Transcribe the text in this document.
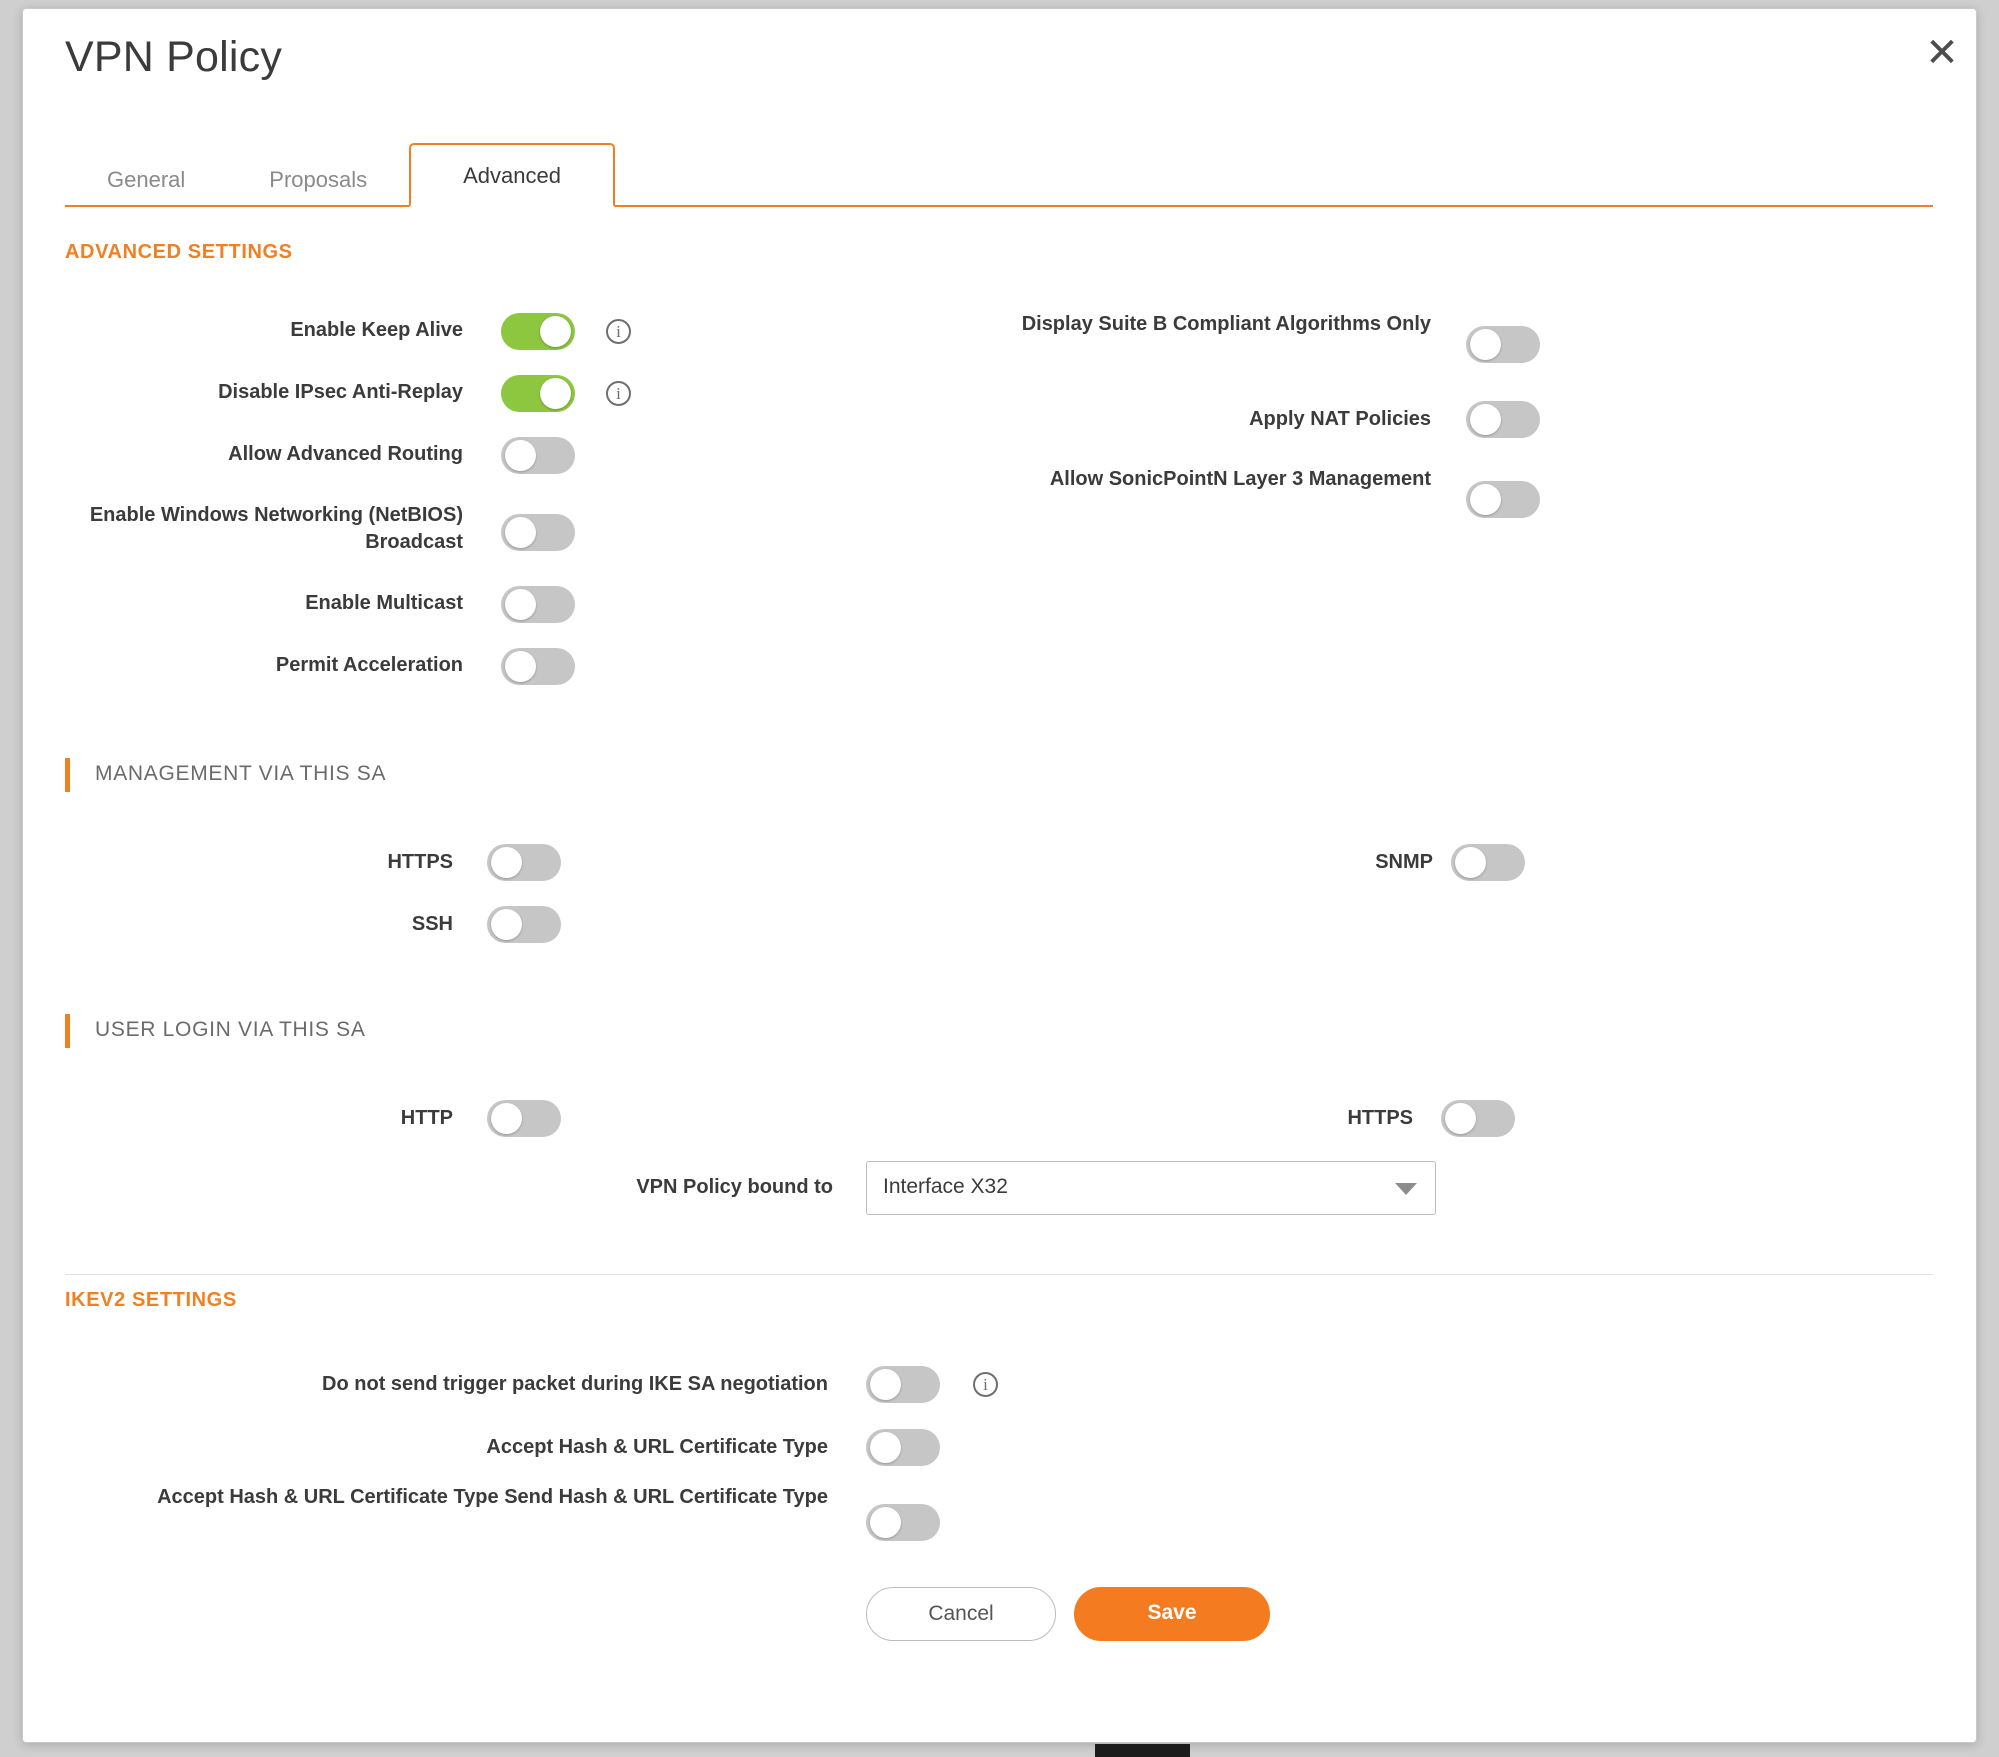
VPN Policy	✕
General	Proposals	Advanced
ADVANCED SETTINGS
Enable Keep Alive	i
Disable IPsec Anti-Replay	i
Allow Advanced Routing
Enable Windows Networking (NetBIOS) Broadcast
Enable Multicast
Permit Acceleration
Display Suite B Compliant Algorithms Only
Apply NAT Policies
Allow SonicPointN Layer 3 Management
MANAGEMENT VIA THIS SA
HTTPS
SSH
SNMP
USER LOGIN VIA THIS SA
HTTP	HTTPS
VPN Policy bound to	Interface X32
IKEV2 SETTINGS
Do not send trigger packet during IKE SA negotiation	i
Accept Hash & URL Certificate Type
Accept Hash & URL Certificate Type Send Hash & URL Certificate Type
Cancel	Save
